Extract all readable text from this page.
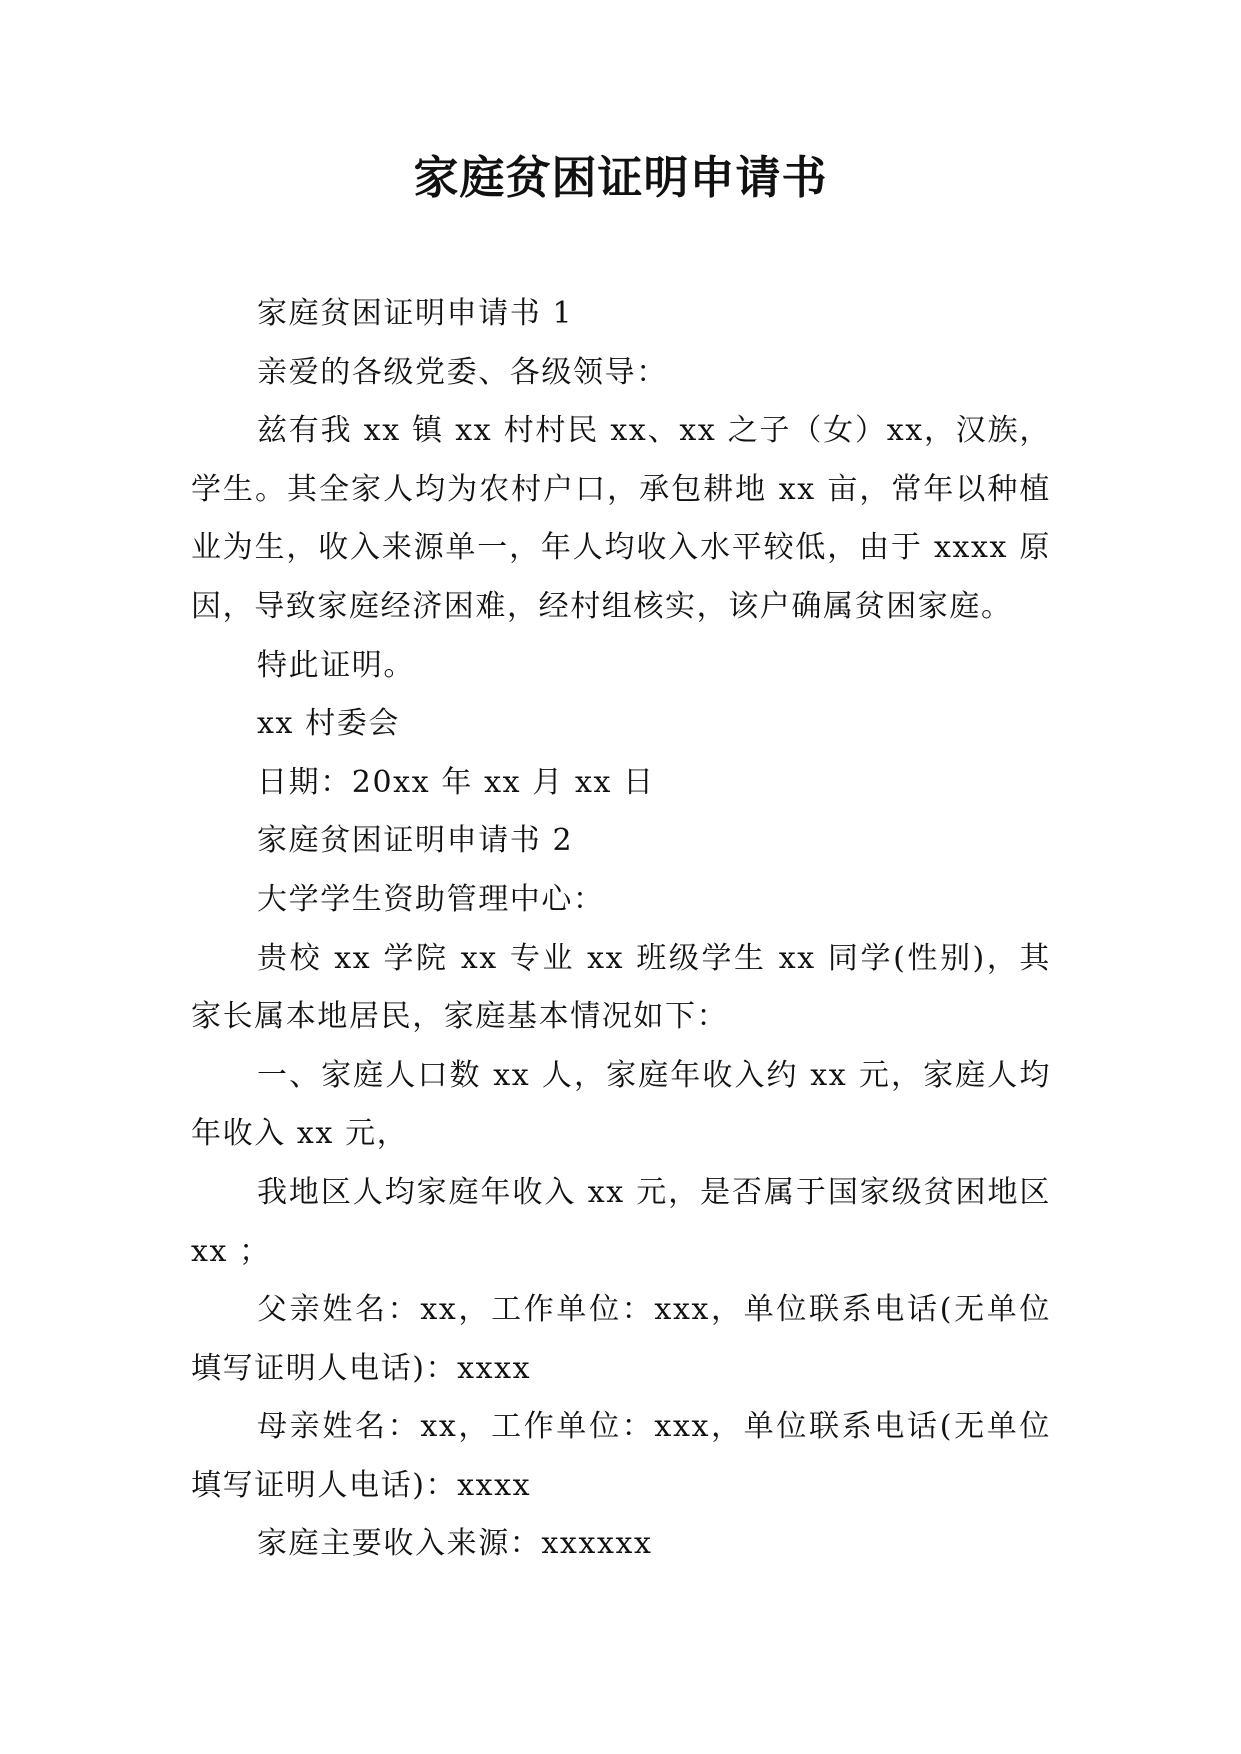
家庭贫困证明申请书

家庭贫困证明申请书 1

亲爱的各级党委、各级领导：

兹有我 xx 镇 xx 村村民 xx、xx 之子（女）xx，汉族，学生。其全家人均为农村户口，承包耕地 xx 亩，常年以种植业为生，收入来源单一，年人均收入水平较低，由于 xxxx 原因，导致家庭经济困难，经村组核实，该户确属贫困家庭。

特此证明。

xx 村委会

日期：20xx 年 xx 月 xx 日

家庭贫困证明申请书 2

大学学生资助管理中心：

贵校 xx 学院 xx 专业 xx 班级学生 xx 同学(性别)，其家长属本地居民，家庭基本情况如下：

一、家庭人口数 xx 人，家庭年收入约 xx 元，家庭人均年收入 xx 元，

我地区人均家庭年收入 xx 元，是否属于国家级贫困地区 xx ；

父亲姓名：xx，工作单位：xxx，单位联系电话(无单位填写证明人电话)：xxxx

母亲姓名：xx，工作单位：xxx，单位联系电话(无单位填写证明人电话)：xxxx

家庭主要收入来源：xxxxxx
